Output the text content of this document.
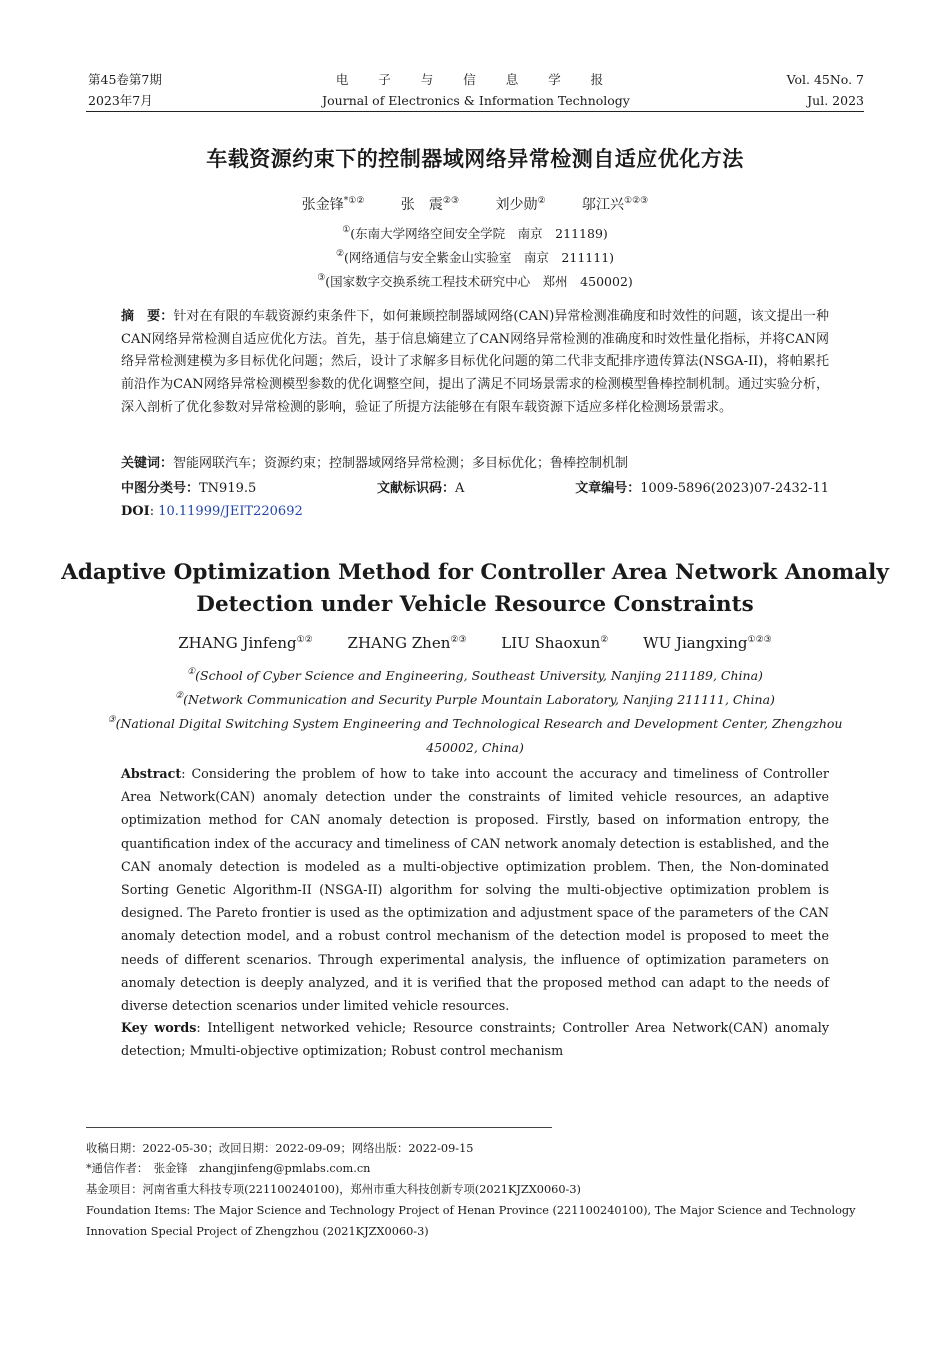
第45卷第7期	电 子 与 信 息 学 报	Vol. 45No. 7
2023年7月	Journal of Electronics & Information Technology	Jul. 2023
车载资源约束下的控制器域网络异常检测自适应优化方法
张金锋*①②	张　震②③	刘少勋②	邬江兴①②③
①(东南大学网络空间安全学院　南京　211189)
②(网络通信与安全紫金山实验室　南京　211111)
③(国家数字交换系统工程技术研究中心　郑州　450002)
摘　要：针对在有限的车载资源约束条件下，如何兼顾控制器域网络(CAN)异常检测准确度和时效性的问题，该文提出一种CAN网络异常检测自适应优化方法。首先，基于信息熵建立了CAN网络异常检测的准确度和时效性量化指标，并将CAN网络异常检测建模为多目标优化问题；然后，设计了求解多目标优化问题的第二代非支配排序遗传算法(NSGA-II)，将帕累托前沿作为CAN网络异常检测模型参数的优化调整空间，提出了满足不同场景需求的检测模型鲁棒控制机制。通过实验分析，深入剖析了优化参数对异常检测的影响，验证了所提方法能够在有限车载资源下适应多样化检测场景需求。
关键词：智能网联汽车；资源约束；控制器域网络异常检测；多目标优化；鲁棒控制机制
中图分类号：TN919.5	文献标识码：A	文章编号：1009-5896(2023)07-2432-11
DOI: 10.11999/JEIT220692
Adaptive Optimization Method for Controller Area Network Anomaly Detection under Vehicle Resource Constraints
ZHANG Jinfeng①② ZHANG Zhen②③ LIU Shaoxun② WU Jiangxing①②③
①(School of Cyber Science and Engineering, Southeast University, Nanjing 211189, China)
②(Network Communication and Security Purple Mountain Laboratory, Nanjing 211111, China)
③(National Digital Switching System Engineering and Technological Research and Development Center, Zhengzhou 450002, China)
Abstract: Considering the problem of how to take into account the accuracy and timeliness of Controller Area Network(CAN) anomaly detection under the constraints of limited vehicle resources, an adaptive optimization method for CAN anomaly detection is proposed. Firstly, based on information entropy, the quantification index of the accuracy and timeliness of CAN network anomaly detection is established, and the CAN anomaly detection is modeled as a multi-objective optimization problem. Then, the Non-dominated Sorting Genetic Algorithm-II (NSGA-II) algorithm for solving the multi-objective optimization problem is designed. The Pareto frontier is used as the optimization and adjustment space of the parameters of the CAN anomaly detection model, and a robust control mechanism of the detection model is proposed to meet the needs of different scenarios. Through experimental analysis, the influence of optimization parameters on anomaly detection is deeply analyzed, and it is verified that the proposed method can adapt to the needs of diverse detection scenarios under limited vehicle resources.
Key words: Intelligent networked vehicle; Resource constraints; Controller Area Network(CAN) anomaly detection; Mmulti-objective optimization; Robust control mechanism
收稿日期：2022-05-30；改回日期：2022-09-09；网络出版：2022-09-15
*通信作者：　张金锋　zhangjinfeng@pmlabs.com.cn
基金项目：河南省重大科技专项(221100240100)，郑州市重大科技创新专项(2021KJZX0060-3)
Foundation Items: The Major Science and Technology Project of Henan Province (221100240100), The Major Science and Technology Innovation Special Project of Zhengzhou (2021KJZX0060-3)
